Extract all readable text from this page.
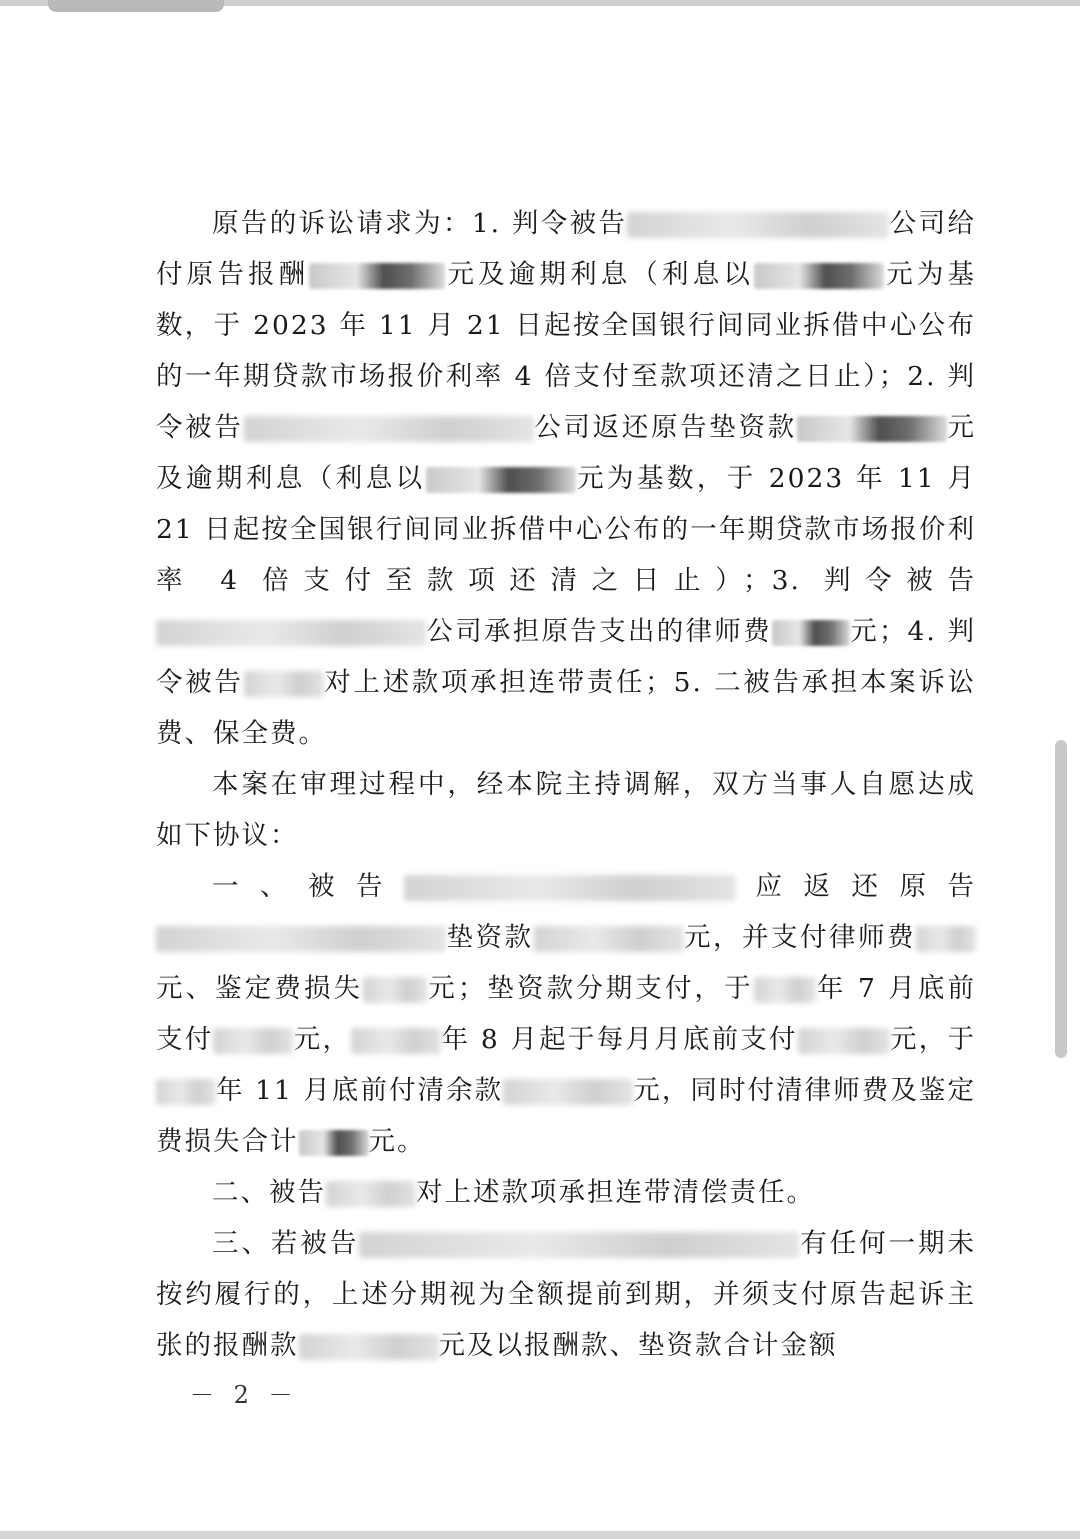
原告的诉讼请求为：1. 判令被告	公司给付原告报酬	元及逾期利息（利息以	元为基数，于 2023 年 11 月 21 日起按全国银行间同业拆借中心公布的一年期贷款市场报价利率 4 倍支付至款项还清之日止）；2. 判令被告	公司返还原告垫资款	元及逾期利息（利息以	元为基数，于 2023 年 11 月 21 日起按全国银行间同业拆借中心公布的一年期贷款市场报价利率 4 倍支付至款项还清之日止）；3. 判令被告公司承担原告支出的律师费	元；4. 判令被告	对上述款项承担连带责任；5. 二被告承担本案诉讼费、保全费。

本案在审理过程中，经本院主持调解，双方当事人自愿达成如下协议：

一、被告	应返还原告垫资款	元，并支付律师费元、鉴定费损失 元；垫资款分期支付，于 年 7 月底前支付	元，	年 8 月起于每月月底前支付	元，于年 11 月底前付清余款	元，同时付清律师费及鉴定费损失合计	元。

二、被告	对上述款项承担连带清偿责任。

三、若被告	有任何一期未按约履行的，上述分期视为全额提前到期，并须支付原告起诉主张的报酬款	元及以报酬款、垫资款合计金额

－ 2 －
